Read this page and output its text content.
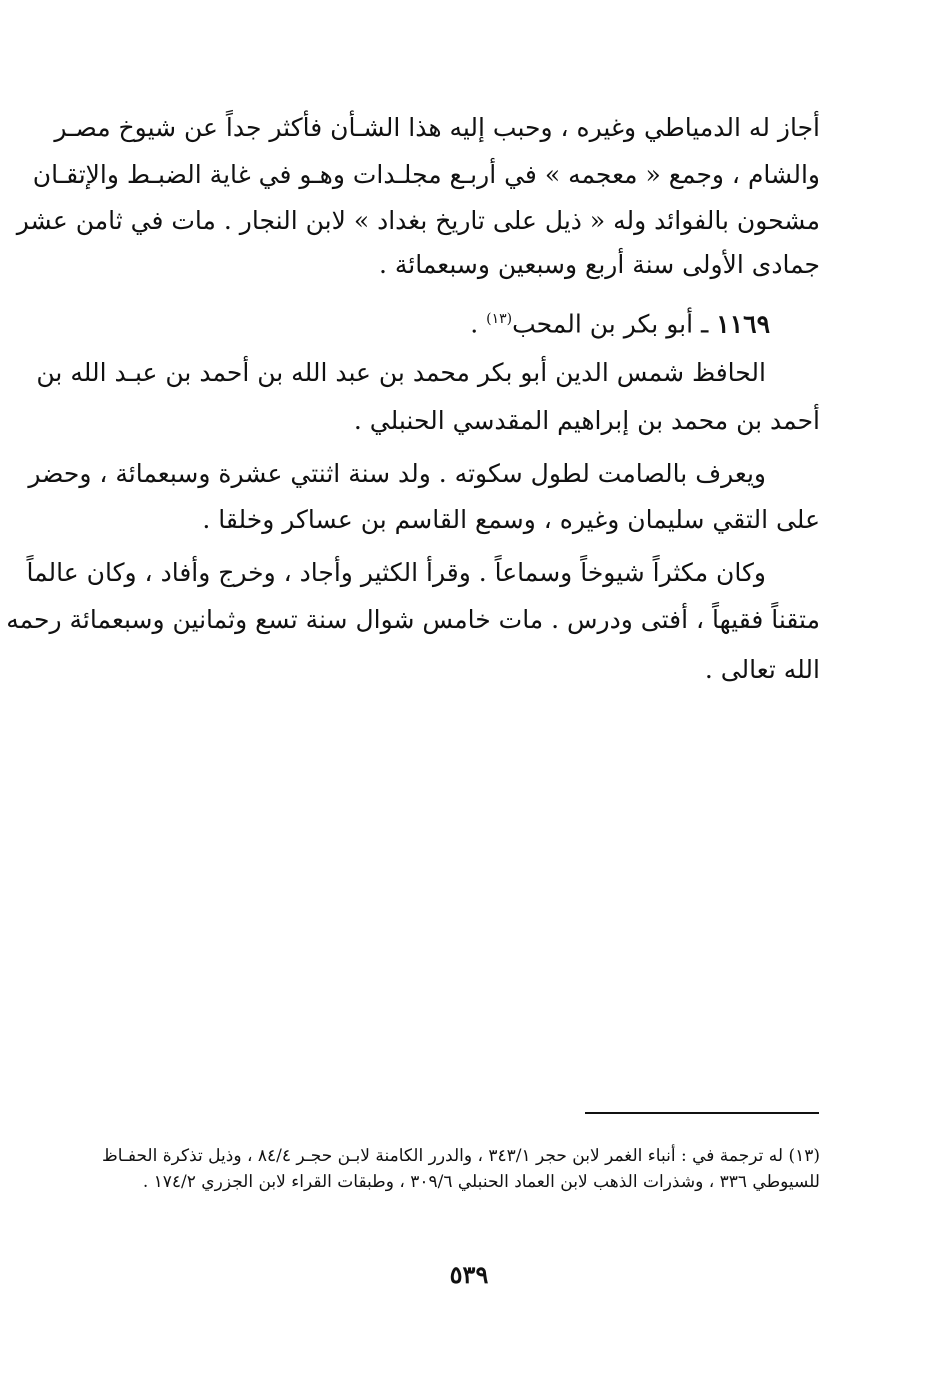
أجاز له الدمياطي وغيره ، وحبب إليه هذا الشـأن فأكثر جداً عن شيوخ مصـر
والشام ، وجمع « معجمه » في أربـع مجلـدات وهـو في غاية الضبـط والإتقـان
مشحون بالفوائد وله « ذيل على تاريخ بغداد » لابن النجار . مات في ثامن عشر
جمادى الأولى سنة أربع وسبعين وسبعمائة .
١١٦٩ ـ أبو بكر بن المحب$^{(١٣)}$ .
الحافظ شمس الدين أبو بكر محمد بن عبد الله بن أحمد بن عبـد الله بن
أحمد بن محمد بن إبراهيم المقدسي الحنبلي .
ويعرف بالصامت لطول سكوته . ولد سنة اثنتي عشرة وسبعمائة ، وحضر
على التقي سليمان وغيره ، وسمع القاسم بن عساكر وخلقا .
وكان مكثراً شيوخاً وسماعاً . وقرأ الكثير وأجاد ، وخرج وأفاد ، وكان عالماً
متقناً فقيهاً ، أفتى ودرس . مات خامس شوال سنة تسع وثمانين وسبعمائة رحمه
الله تعالى .
(١٣) له ترجمة في : أنباء الغمر لابن حجر ٣٤٣/١ ، والدرر الكامنة لابـن حجـر ٨٤/٤ ، وذيل تذكرة الحفـاظ
للسيوطي ٣٣٦ ، وشذرات الذهب لابن العماد الحنبلي ٣٠٩/٦ ، وطبقات القراء لابن الجزري ١٧٤/٢ .
٥٣٩
